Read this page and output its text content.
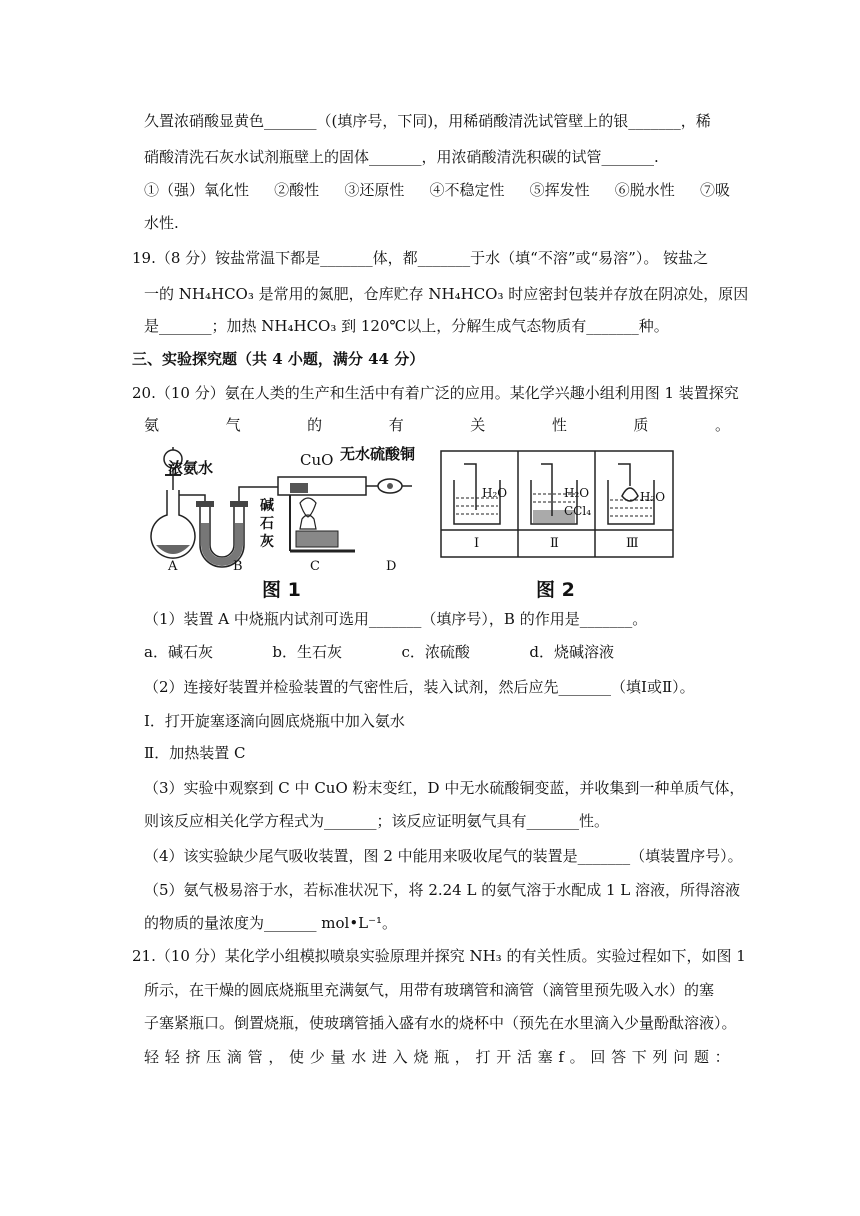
久置浓硝酸显黄色_______（(填序号，下同)，用稀硝酸清洗试管壁上的银_______，稀
硝酸清洗石灰水试剂瓶壁上的固体_______，用浓硝酸清洗积碳的试管_______.
①（强）氧化性 ②酸性 ③还原性 ④不稳定性 ⑤挥发性 ⑥脱水性 ⑦吸
水性.
19.（8 分）铵盐常温下都是_______体，都_______于水（填“不溶”或“易溶”）。 铵盐之
一的 NH₄HCO₃ 是常用的氮肥，仓库贮存 NH₄HCO₃ 时应密封包装并存放在阴凉处，原因
是_______；加热 NH₄HCO₃ 到 120℃以上，分解生成气态物质有_______种。
三、实验探究题（共 4 小题，满分 44 分）
20.（10 分）氨在人类的生产和生活中有着广泛的应用。某化学兴趣小组利用图 1 装置探究
氨	气	的	有	关	性	质	。
浓氨水	CuO 无水硫酸铜
碱
石
灰
A	B	C	D
图 1
H₂O	H₂O
CCl₄
H₂O
Ⅰ	Ⅱ	Ⅲ
图 2
（1）装置 A 中烧瓶内试剂可选用_______（填序号），B 的作用是_______。
a．碱石灰	b．生石灰	c．浓硫酸	d．烧碱溶液
（2）连接好装置并检验装置的气密性后，装入试剂，然后应先_______（填Ⅰ或Ⅱ）。
Ⅰ．打开旋塞逐滴向圆底烧瓶中加入氨水
Ⅱ．加热装置 C
（3）实验中观察到 C 中 CuO 粉末变红，D 中无水硫酸铜变蓝，并收集到一种单质气体，
则该反应相关化学方程式为_______；该反应证明氨气具有_______性。
（4）该实验缺少尾气吸收装置，图 2 中能用来吸收尾气的装置是_______（填装置序号）。
（5）氨气极易溶于水，若标准状况下，将 2.24 L 的氨气溶于水配成 1 L 溶液，所得溶液
的物质的量浓度为_______ mol•L⁻¹。
21.（10 分）某化学小组模拟喷泉实验原理并探究 NH₃ 的有关性质。实验过程如下，如图 1
所示，在干燥的圆底烧瓶里充满氨气，用带有玻璃管和滴管（滴管里预先吸入水）的塞
子塞紧瓶口。倒置烧瓶，使玻璃管插入盛有水的烧杯中（预先在水里滴入少量酚酞溶液）。
轻 轻 挤 压 滴 管 ， 使 少 量 水 进 入 烧 瓶 ， 打 开 活 塞 f 。 回 答 下 列 问 题 ：
